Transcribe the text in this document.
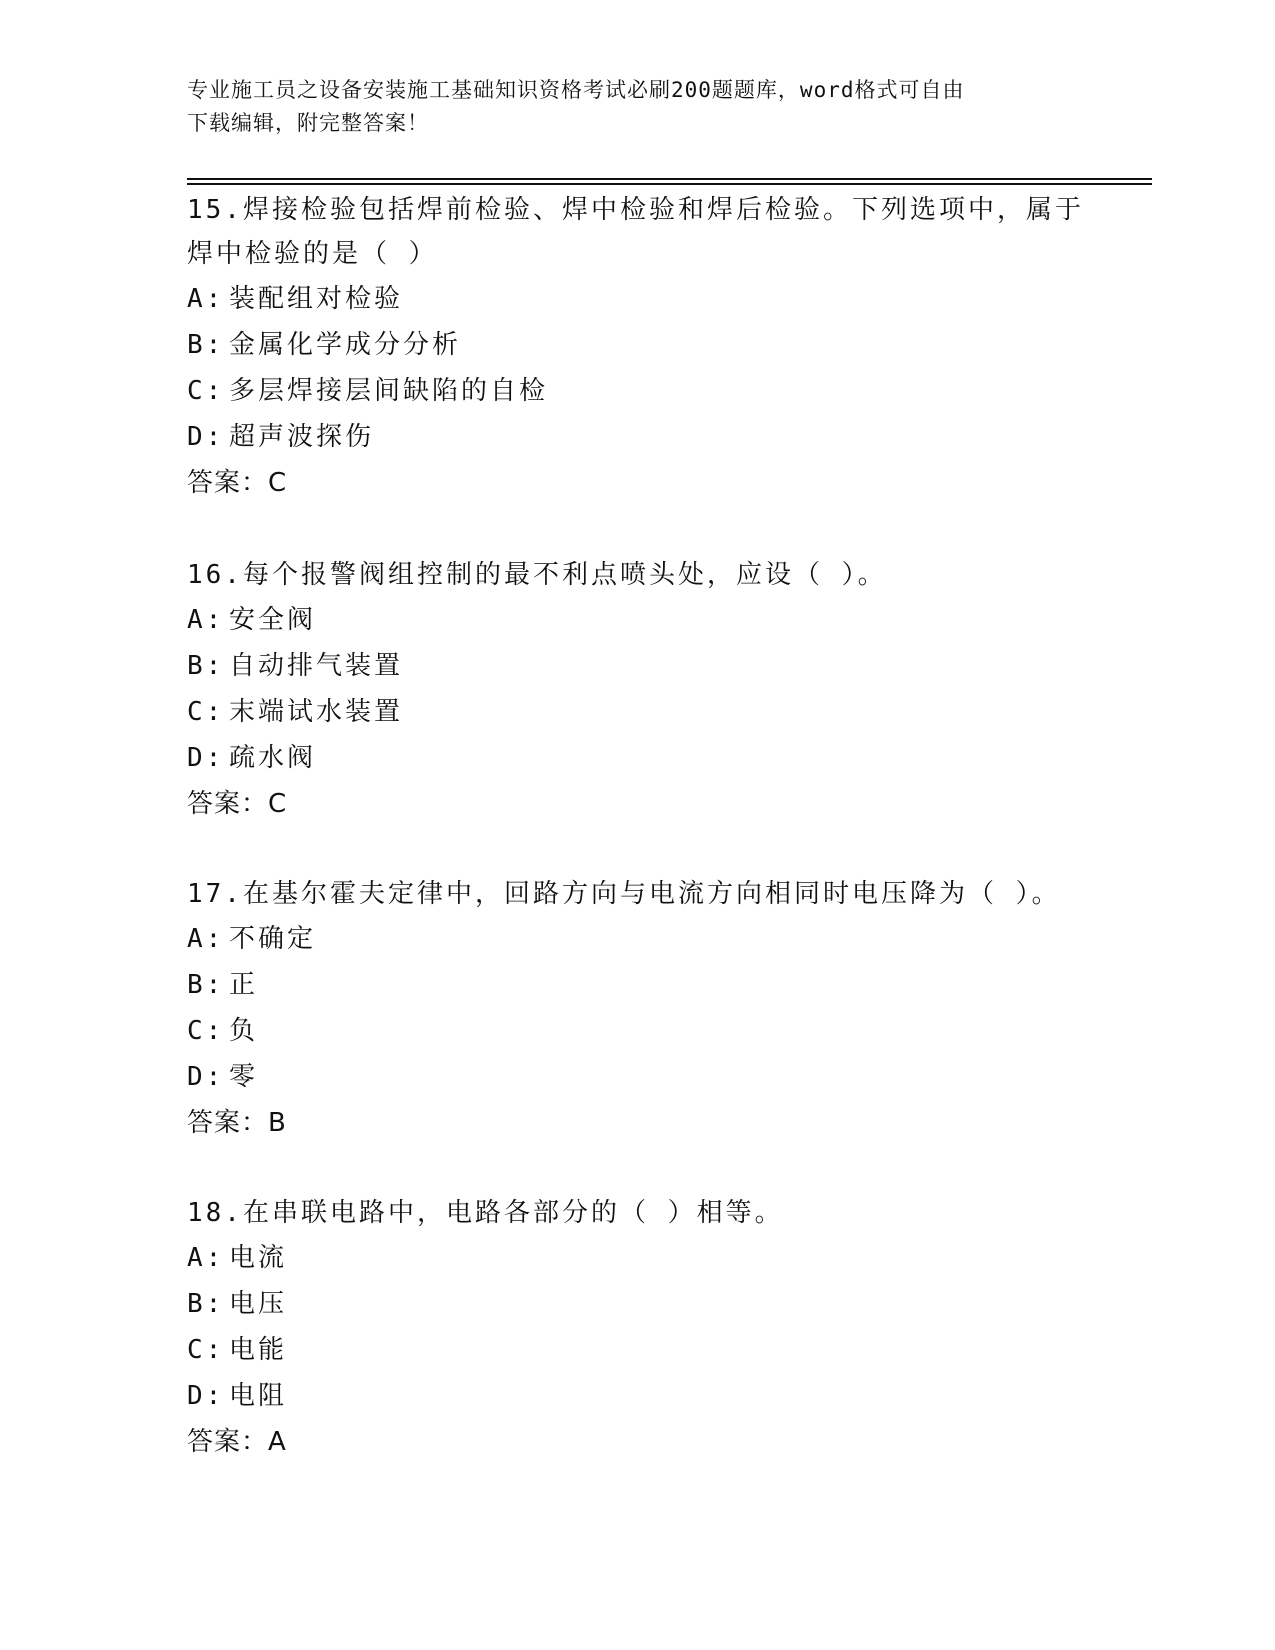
专业施工员之设备安装施工基础知识资格考试必刷200题题库，word格式可自由
下载编辑，附完整答案！
15.焊接检验包括焊前检验、焊中检验和焊后检验。下列选项中，属于
焊中检验的是（ ）
A: 装配组对检验
B: 金属化学成分分析
C: 多层焊接层间缺陷的自检
D: 超声波探伤
答案：C
16.每个报警阀组控制的最不利点喷头处，应设（ ）。
A: 安全阀
B: 自动排气装置
C: 末端试水装置
D: 疏水阀
答案：C
17.在基尔霍夫定律中，回路方向与电流方向相同时电压降为（ ）。
A: 不确定
B: 正
C: 负
D: 零
答案：B
18.在串联电路中，电路各部分的（ ）相等。
A: 电流
B: 电压
C: 电能
D: 电阻
答案：A
